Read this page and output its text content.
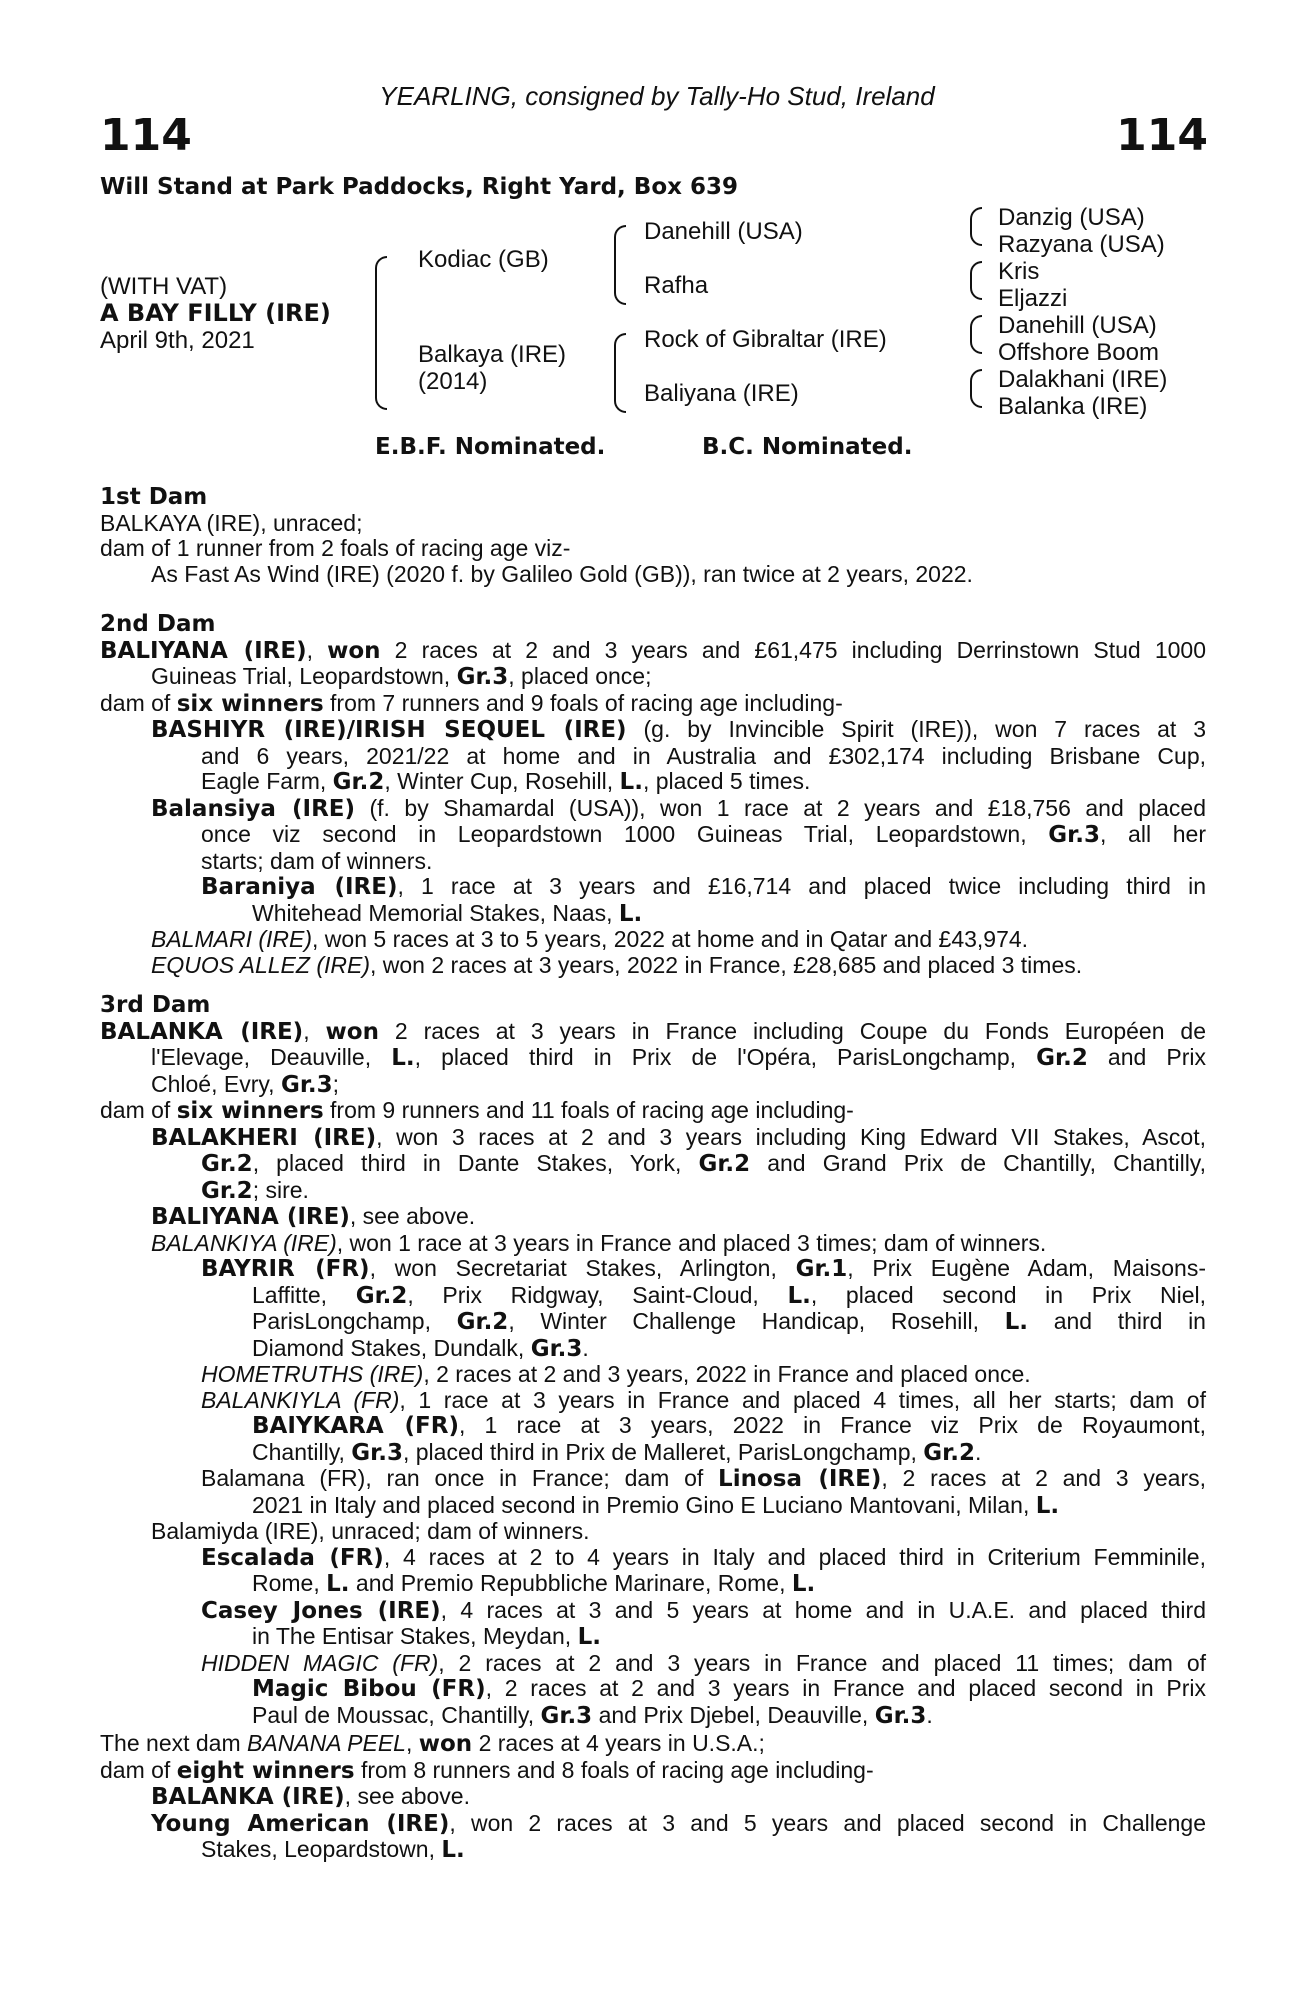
YEARLING, consigned by Tally-Ho Stud, Ireland
114	114
Will Stand at Park Paddocks, Right Yard, Box 639
(WITH VAT)
A BAY FILLY (IRE)
April 9th, 2021
Kodiac (GB)
Balkaya (IRE)
(2014)
Danehill (USA)
Rafha
Rock of Gibraltar (IRE)
Baliyana (IRE)
Danzig (USA)
Razyana (USA)
Kris
Eljazzi
Danehill (USA)
Offshore Boom
Dalakhani (IRE)
Balanka (IRE)
E.B.F. Nominated.	B.C. Nominated.
1st Dam
BALKAYA (IRE), unraced;
dam of 1 runner from 2 foals of racing age viz-
As Fast As Wind (IRE) (2020 f. by Galileo Gold (GB)), ran twice at 2 years, 2022.
2nd Dam
BALIYANA (IRE), won 2 races at 2 and 3 years and £61,475 including Derrinstown Stud 1000
Guineas Trial, Leopardstown, Gr.3, placed once;
dam of six winners from 7 runners and 9 foals of racing age including-
BASHIYR (IRE)/IRISH SEQUEL (IRE) (g. by Invincible Spirit (IRE)), won 7 races at 3
and 6 years, 2021/22 at home and in Australia and £302,174 including Brisbane Cup,
Eagle Farm, Gr.2, Winter Cup, Rosehill, L., placed 5 times.
Balansiya (IRE) (f. by Shamardal (USA)), won 1 race at 2 years and £18,756 and placed
once viz second in Leopardstown 1000 Guineas Trial, Leopardstown, Gr.3, all her
starts; dam of winners.
Baraniya (IRE), 1 race at 3 years and £16,714 and placed twice including third in
Whitehead Memorial Stakes, Naas, L.
BALMARI (IRE), won 5 races at 3 to 5 years, 2022 at home and in Qatar and £43,974.
EQUOS ALLEZ (IRE), won 2 races at 3 years, 2022 in France, £28,685 and placed 3 times.
3rd Dam
BALANKA (IRE), won 2 races at 3 years in France including Coupe du Fonds Européen de
l'Elevage, Deauville, L., placed third in Prix de l'Opéra, ParisLongchamp, Gr.2 and Prix
Chloé, Evry, Gr.3;
dam of six winners from 9 runners and 11 foals of racing age including-
BALAKHERI (IRE), won 3 races at 2 and 3 years including King Edward VII Stakes, Ascot,
Gr.2, placed third in Dante Stakes, York, Gr.2 and Grand Prix de Chantilly, Chantilly,
Gr.2; sire.
BALIYANA (IRE), see above.
BALANKIYA (IRE), won 1 race at 3 years in France and placed 3 times; dam of winners.
BAYRIR (FR), won Secretariat Stakes, Arlington, Gr.1, Prix Eugène Adam, Maisons-
Laffitte, Gr.2, Prix Ridgway, Saint-Cloud, L., placed second in Prix Niel,
ParisLongchamp, Gr.2, Winter Challenge Handicap, Rosehill, L. and third in
Diamond Stakes, Dundalk, Gr.3.
HOMETRUTHS (IRE), 2 races at 2 and 3 years, 2022 in France and placed once.
BALANKIYLA (FR), 1 race at 3 years in France and placed 4 times, all her starts; dam of
BAIYKARA (FR), 1 race at 3 years, 2022 in France viz Prix de Royaumont,
Chantilly, Gr.3, placed third in Prix de Malleret, ParisLongchamp, Gr.2.
Balamana (FR), ran once in France; dam of Linosa (IRE), 2 races at 2 and 3 years,
2021 in Italy and placed second in Premio Gino E Luciano Mantovani, Milan, L.
Balamiyda (IRE), unraced; dam of winners.
Escalada (FR), 4 races at 2 to 4 years in Italy and placed third in Criterium Femminile,
Rome, L. and Premio Repubbliche Marinare, Rome, L.
Casey Jones (IRE), 4 races at 3 and 5 years at home and in U.A.E. and placed third
in The Entisar Stakes, Meydan, L.
HIDDEN MAGIC (FR), 2 races at 2 and 3 years in France and placed 11 times; dam of
Magic Bibou (FR), 2 races at 2 and 3 years in France and placed second in Prix
Paul de Moussac, Chantilly, Gr.3 and Prix Djebel, Deauville, Gr.3.
The next dam BANANA PEEL, won 2 races at 4 years in U.S.A.;
dam of eight winners from 8 runners and 8 foals of racing age including-
BALANKA (IRE), see above.
Young American (IRE), won 2 races at 3 and 5 years and placed second in Challenge
Stakes, Leopardstown, L.
